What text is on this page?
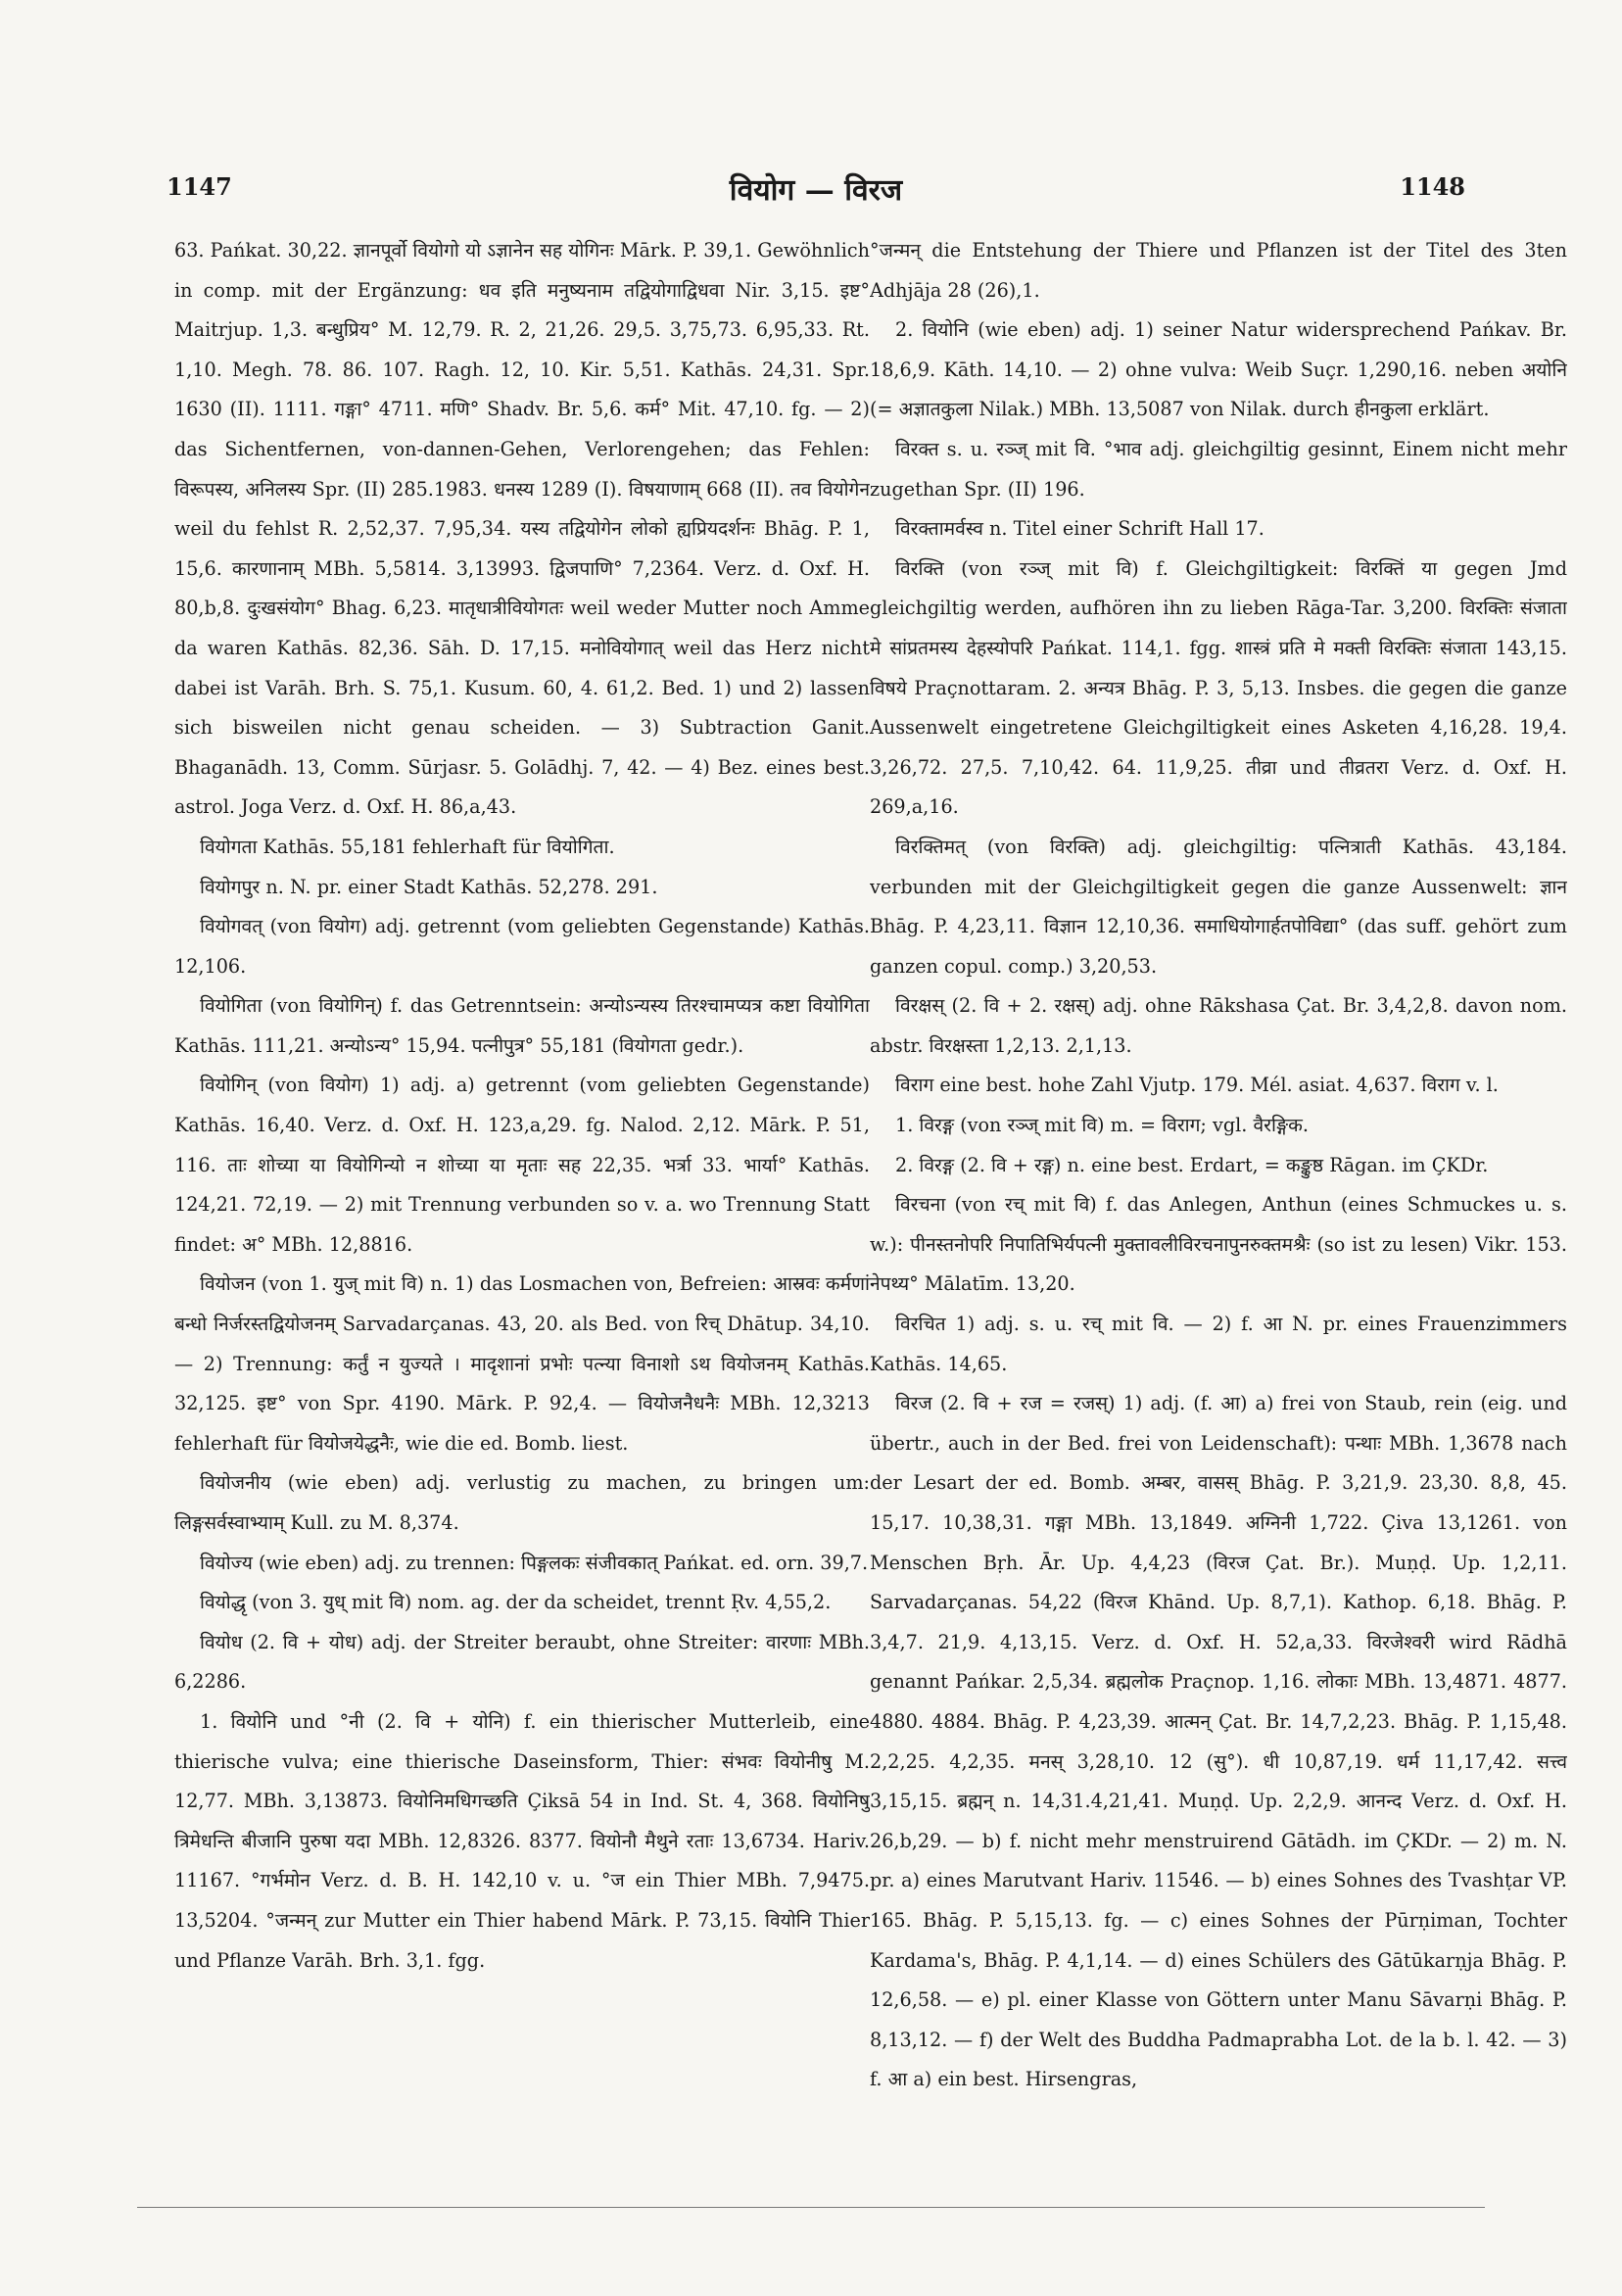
1147	वियोग — विरज	1148

63. Pańkat. 30,22. ज्ञानपूर्वो वियोगो यो ऽज्ञानेन सह योगिनः Mārk. P. 39,1. Gewöhnlich in comp. mit der Ergänzung: धव इति मनुष्यनाम तद्वियोगाद्विधवा Nir. 3,15. इष्ट° Maitrjup. 1,3. बन्धुप्रिय° M. 12,79. R. 2, 21,26. 29,5. 3,75,73. 6,95,33. Rt. 1,10. Megh. 78. 86. 107. Ragh. 12, 10. Kir. 5,51. Kathās. 24,31. Spr. 1630 (II). 1111. गङ्गा° 4711. मणि° Shadv. Br. 5,6. कर्म° Mit. 47,10. fg. — 2) das Sichentfernen, von-dannen-Gehen, Verlorengehen; das Fehlen: विरूपस्य, अनिलस्य Spr. (II) 285.1983. धनस्य 1289 (I). विषयाणाम् 668 (II). तव वियोगेन weil du fehlst R. 2,52,37. 7,95,34. यस्य तद्वियोगेन लोको ह्यप्रियदर्शनः Bhāg. P. 1, 15,6. कारणानाम् MBh. 5,5814. 3,13993. द्विजपाणि° 7,2364. Verz. d. Oxf. H. 80,b,8. दुःखसंयोग° Bhag. 6,23. मातृधात्रीवियोगतः weil weder Mutter noch Amme da waren Kathās. 82,36. Sāh. D. 17,15. मनोवियोगात् weil das Herz nicht dabei ist Varāh. Brh. S. 75,1. Kusum. 60, 4. 61,2. Bed. 1) und 2) lassen sich bisweilen nicht genau scheiden. — 3) Subtraction Ganit. Bhaganādh. 13, Comm. Sūrjasr. 5. Golādhj. 7, 42. — 4) Bez. eines best. astrol. Joga Verz. d. Oxf. H. 86,a,43.

वियोगता Kathās. 55,181 fehlerhaft für वियोगिता.

वियोगपुर n. N. pr. einer Stadt Kathās. 52,278. 291.

वियोगवत् (von वियोग) adj. getrennt (vom geliebten Gegenstande) Kathās. 12,106.

वियोगिता (von वियोगिन्) f. das Getrenntsein: अन्योऽन्यस्य तिरश्चामप्यत्र कष्टा वियोगिता Kathās. 111,21. अन्योऽन्य° 15,94. पत्नीपुत्र° 55,181 (वियोगता gedr.).

वियोगिन् (von वियोग) 1) adj. a) getrennt (vom geliebten Gegenstande) Kathās. 16,40. Verz. d. Oxf. H. 123,a,29. fg. Nalod. 2,12. Mārk. P. 51, 116. ताः शोच्या या वियोगिन्यो न शोच्या या मृताः सह 22,35. भर्त्रा 33. भार्या° Kathās. 124,21. 72,19. — 2) mit Trennung verbunden so v. a. wo Trennung Statt findet: अ° MBh. 12,8816.

वियोजन (von 1. युज् mit वि) n. 1) das Losmachen von, Befreien: आस्रवः कर्मणां बन्धो निर्जरस्तद्वियोजनम् Sarvadarçanas. 43, 20. als Bed. von रिच् Dhātup. 34,10. — 2) Trennung: कर्तुं न युज्यते । मादृशानां प्रभोः पत्न्या विनाशो ऽथ वियोजनम् Kathās. 32,125. इष्ट° von Spr. 4190. Mārk. P. 92,4. — वियोजनैधनैः MBh. 12,3213 fehlerhaft für वियोजयेद्धनैः, wie die ed. Bomb. liest.

वियोजनीय (wie eben) adj. verlustig zu machen, zu bringen um: लिङ्गसर्वस्वाभ्याम् Kull. zu M. 8,374.

वियोज्य (wie eben) adj. zu trennen: पिङ्गलकः संजीवकात् Pańkat. ed. orn. 39,7.

वियोद्धृ (von 3. युध् mit वि) nom. ag. der da scheidet, trennt Ṛv. 4,55,2.

वियोध (2. वि + योध) adj. der Streiter beraubt, ohne Streiter: वारणाः MBh. 6,2286.

1. वियोनि und °नी (2. वि + योनि) f. ein thierischer Mutterleib, eine thierische vulva; eine thierische Daseinsform, Thier: संभवः वियोनीषु M. 12,77. MBh. 3,13873. वियोनिमधिगच्छति Çiksā 54 in Ind. St. 4, 368. वियोनिषु त्रिमेधन्ति बीजानि पुरुषा यदा MBh. 12,8326. 8377. वियोनौ मैथुने रताः 13,6734. Hariv. 11167. °गर्भमोन Verz. d. B. H. 142,10 v. u. °ज ein Thier MBh. 7,9475. 13,5204. °जन्मन् zur Mutter ein Thier habend Mārk. P. 73,15. वियोनि Thier und Pflanze Varāh. Brh. 3,1. fgg.

°जन्मन् die Entstehung der Thiere und Pflanzen ist der Titel des 3ten Adhjāja 28 (26),1.

2. वियोनि (wie eben) adj. 1) seiner Natur widersprechend Pańkav. Br. 18,6,9. Kāth. 14,10. — 2) ohne vulva: Weib Suçr. 1,290,16. neben अयोनि (= अज्ञातकुला Nilak.) MBh. 13,5087 von Nilak. durch हीनकुला erklärt.

विरक्त s. u. रञ्ज् mit वि. °भाव adj. gleichgiltig gesinnt, Einem nicht mehr zugethan Spr. (II) 196.

विरक्तामर्वस्व n. Titel einer Schrift Hall 17.

विरक्ति (von रञ्ज् mit वि) f. Gleichgiltigkeit: विरक्तिं या gegen Jmd gleichgiltig werden, aufhören ihn zu lieben Rāga-Tar. 3,200. विरक्तिः संजाता मे सांप्रतमस्य देहस्योपरि Pańkat. 114,1. fgg. शास्त्रं प्रति मे मक्ती विरक्तिः संजाता 143,15. विषये Praçnottaram. 2. अन्यत्र Bhāg. P. 3, 5,13. Insbes. die gegen die ganze Aussenwelt eingetretene Gleichgiltigkeit eines Asketen 4,16,28. 19,4. 3,26,72. 27,5. 7,10,42. 64. 11,9,25. तीव्रा und तीव्रतरा Verz. d. Oxf. H. 269,a,16.

विरक्तिमत् (von विरक्ति) adj. gleichgiltig: पत्नित्राती Kathās. 43,184. verbunden mit der Gleichgiltigkeit gegen die ganze Aussenwelt: ज्ञान Bhāg. P. 4,23,11. विज्ञान 12,10,36. समाधियोगार्हतपोविद्या° (das suff. gehört zum ganzen copul. comp.) 3,20,53.

विरक्षस् (2. वि + 2. रक्षस्) adj. ohne Rākshasa Çat. Br. 3,4,2,8. davon nom. abstr. विरक्षस्ता 1,2,13. 2,1,13.

विराग eine best. hohe Zahl Vjutp. 179. Mél. asiat. 4,637. विराग v. l.

1. विरङ्ग (von रञ्ज् mit वि) m. = विराग; vgl. वैरङ्गिक.

2. विरङ्ग (2. वि + रङ्ग) n. eine best. Erdart, = कङ्कुष्ठ Rāgan. im ÇKDr.

विरचना (von रच् mit वि) f. das Anlegen, Anthun (eines Schmuckes u. s. w.): पीनस्तनोपरि निपातिभिर्यपत्नी मुक्तावलीविरचनापुनरुक्तमश्रैः (so ist zu lesen) Vikr. 153. नेपथ्य° Mālatīm. 13,20.

विरचित 1) adj. s. u. रच् mit वि. — 2) f. आ N. pr. eines Frauenzimmers Kathās. 14,65.

विरज (2. वि + रज = रजस्) 1) adj. (f. आ) a) frei von Staub, rein (eig. und übertr., auch in der Bed. frei von Leidenschaft): पन्थाः MBh. 1,3678 nach der Lesart der ed. Bomb. अम्बर, वासस् Bhāg. P. 3,21,9. 23,30. 8,8, 45. 15,17. 10,38,31. गङ्गा MBh. 13,1849. अग्निनी 1,722. Çiva 13,1261. von Menschen Bṛh. Ār. Up. 4,4,23 (विरज Çat. Br.). Muṇḍ. Up. 1,2,11. Sarvadarçanas. 54,22 (विरज Khānd. Up. 8,7,1). Kathop. 6,18. Bhāg. P. 3,4,7. 21,9. 4,13,15. Verz. d. Oxf. H. 52,a,33. विरजेश्वरी wird Rādhā genannt Pańkar. 2,5,34. ब्रह्मलोक Praçnop. 1,16. लोकाः MBh. 13,4871. 4877. 4880. 4884. Bhāg. P. 4,23,39. आत्मन् Çat. Br. 14,7,2,23. Bhāg. P. 1,15,48. 2,2,25. 4,2,35. मनस् 3,28,10. 12 (सु°). धी 10,87,19. धर्म 11,17,42. सत्त्व 3,15,15. ब्रह्मन् n. 14,31.4,21,41. Muṇḍ. Up. 2,2,9. आनन्द Verz. d. Oxf. H. 26,b,29. — b) f. nicht mehr menstruirend Gātādh. im ÇKDr. — 2) m. N. pr. a) eines Marutvant Hariv. 11546. — b) eines Sohnes des Tvashṭar VP. 165. Bhāg. P. 5,15,13. fg. — c) eines Sohnes der Pūrṇiman, Tochter Kardama's, Bhāg. P. 4,1,14. — d) eines Schülers des Gātūkarṇja Bhāg. P. 12,6,58. — e) pl. einer Klasse von Göttern unter Manu Sāvarṇi Bhāg. P. 8,13,12. — f) der Welt des Buddha Padmaprabha Lot. de la b. l. 42. — 3) f. आ a) ein best. Hirsengras,
